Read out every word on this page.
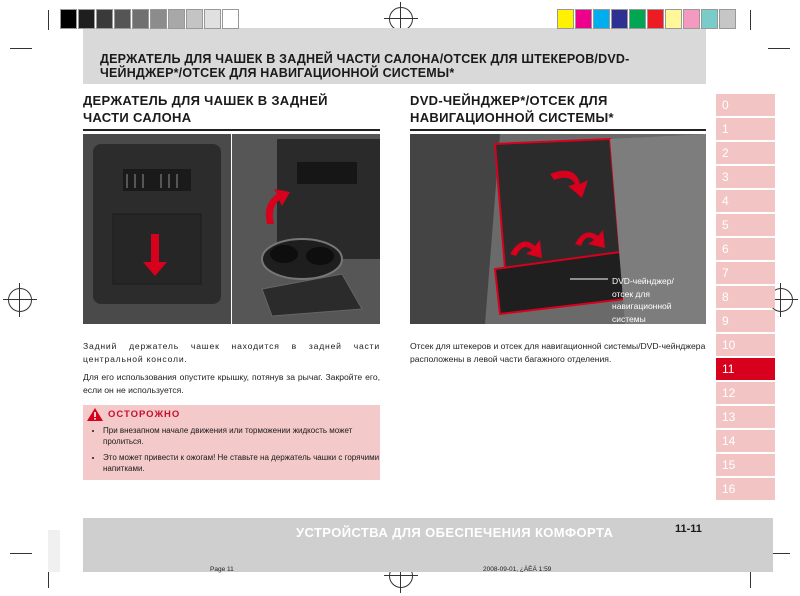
ДЕРЖАТЕЛЬ ДЛЯ ЧАШЕК В ЗАДНЕЙ ЧАСТИ САЛОНА/ОТСЕК ДЛЯ ШТЕКЕРОВ/DVD-
ЧЕЙНДЖЕР*/ОТСЕК ДЛЯ НАВИГАЦИОННОЙ СИСТЕМЫ*
ДЕРЖАТЕЛЬ ДЛЯ ЧАШЕК В ЗАДНЕЙ
ЧАСТИ САЛОНА

Задний держатель чашек находится в задней части центральной консоли.

Для его использования опустите крышку, потянув за рычаг. Закройте его, если он не используется.

ОСТОРОЖНО
• При внезапном начале движения или торможении жидкость может пролиться.
• Это может привести к ожогам! Не ставьте на держатель чашки с горячими напитками.
DVD-ЧЕЙНДЖЕР*/ОТСЕК ДЛЯ
НАВИГАЦИОННОЙ СИСТЕМЫ*
DVD-чейнджер/ отсек для навигационной системы
Отсек для штекеров и отсек для навигационной системы/DVD-чейнджера расположены в левой части багажного отделения.
0
1
2
3
4
5
6
7
8
9
10
11
12
13
14
15
16
УСТРОЙСТВА ДЛЯ ОБЕСПЕЧЕНИЯ КОМФОРТА	11-11
Page 11	2008-09-01, ¿ÀÈÄ 1:59
